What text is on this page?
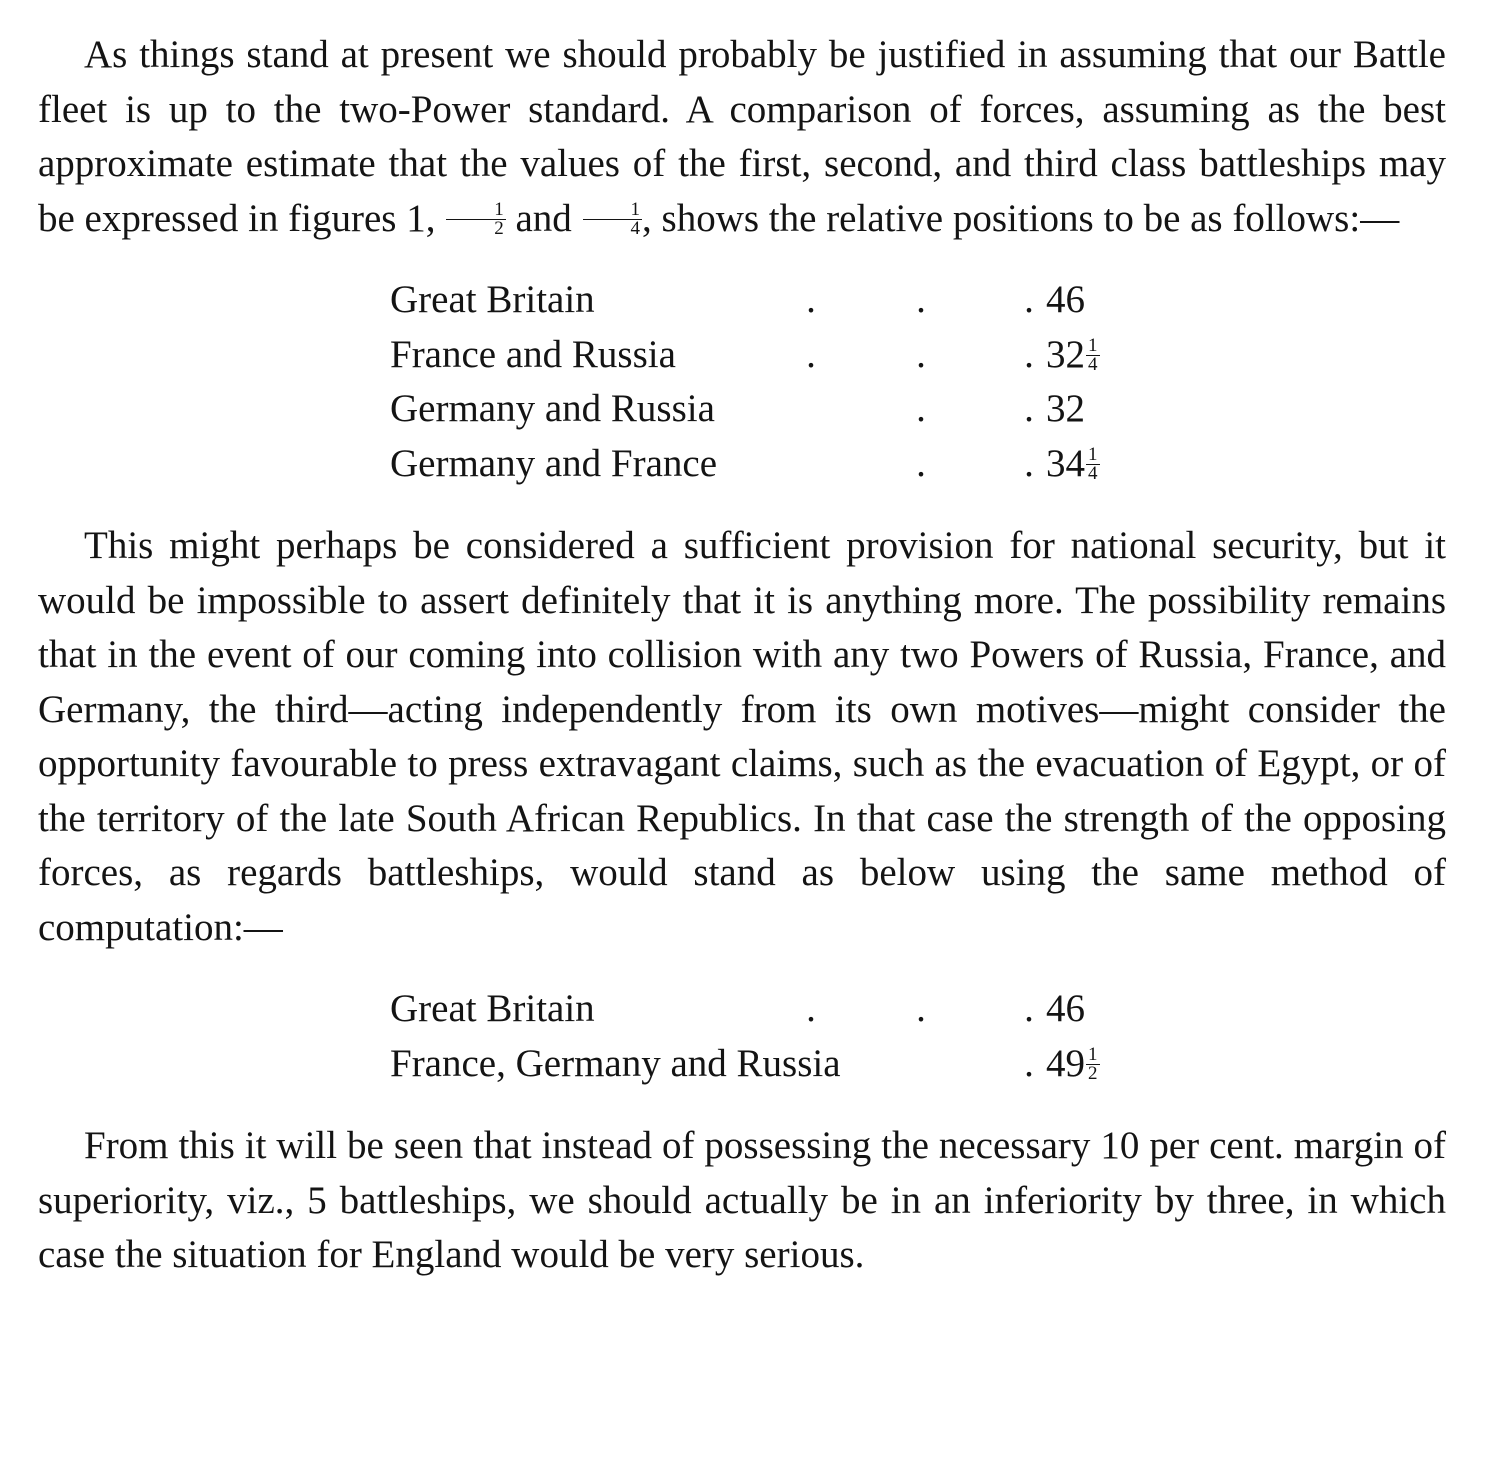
As things stand at present we should probably be justified in assuming that our Battle fleet is up to the two-Power standard. A comparison of forces, assuming as the best approximate estimate that the values of the first, second, and third class battleships may be expressed in figures 1, $\frac{1}{2}$ and $\frac{1}{4}$ , shows the relative positions to be as follows:—

Great Britain	.	.	. 46
France and Russia	.	.	. $32 \frac{1}{4}$
Germany and Russia	.	. 32
Germany and France	.	. $34 \frac{1}{4}$

This might perhaps be considered a sufficient provision for national security, but it would be impossible to assert definitely that it is anything more. The possibility remains that in the event of our coming into collision with any two Powers of Russia, France, and Germany, the third—acting independently from its own motives—might consider the opportunity favourable to press extravagant claims, such as the evacuation of Egypt, or of the territory of the late South African Republics. In that case the strength of the opposing forces, as regards battleships, would stand as below using the same method of computation:—

Great Britain	.	.	. 46
France, Germany and Russia	. $49 \frac{1}{2}$

From this it will be seen that instead of possessing the necessary 10 per cent. margin of superiority, viz., 5 battleships, we should actually be in an inferiority by three, in which case the situation for England would be very serious.
